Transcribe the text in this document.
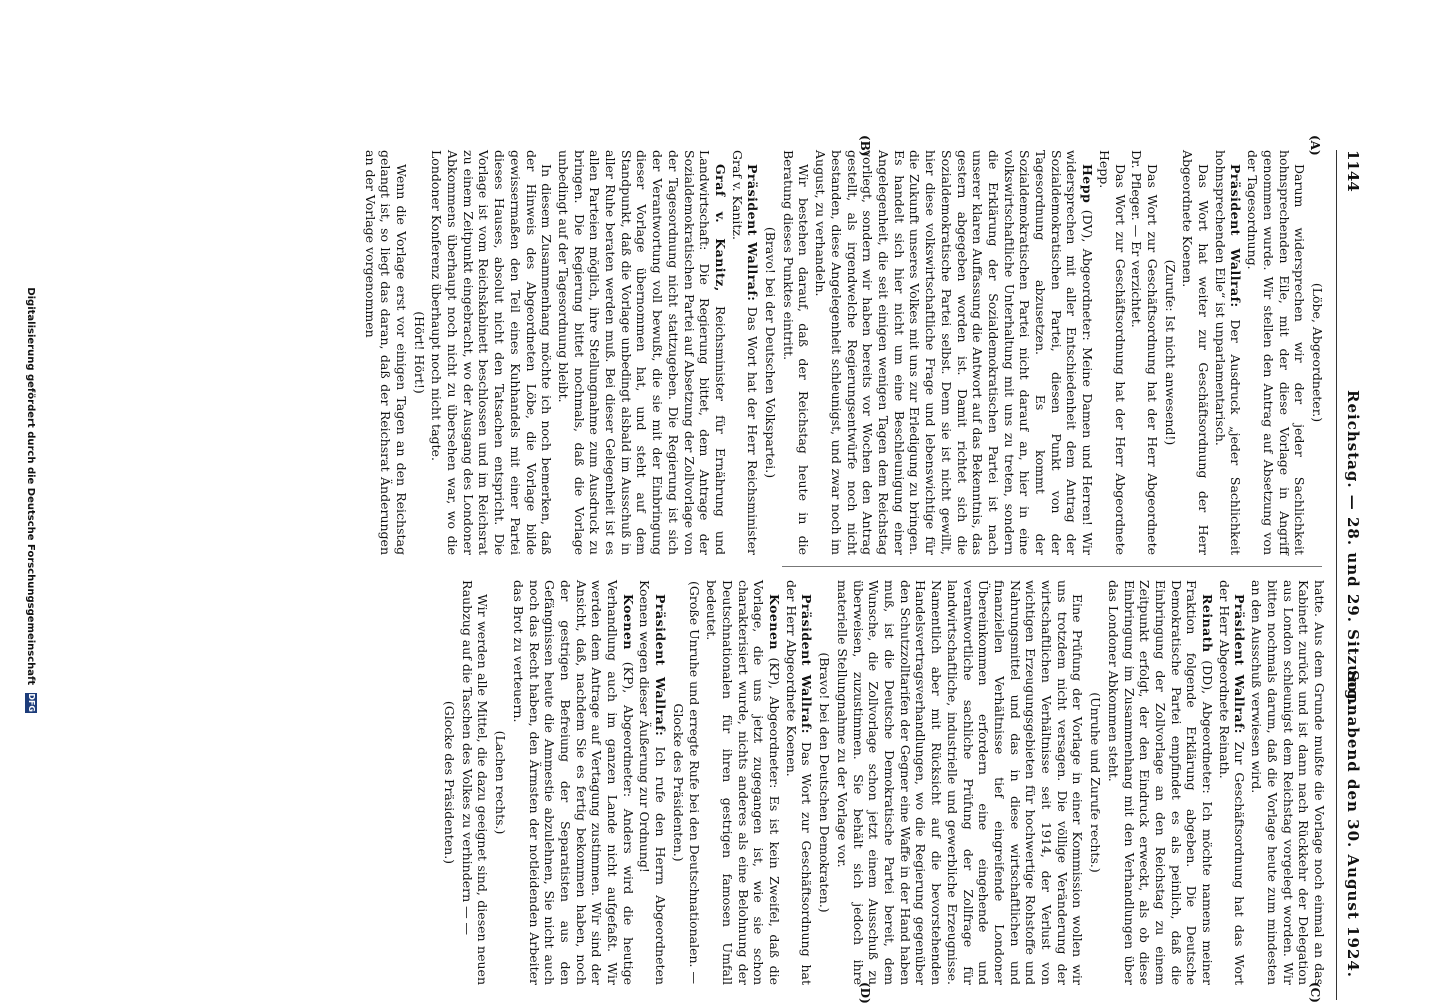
1144
Reichstag. — 28. und 29. Sitzung.
Sonnabend den 30. August 1924.
(A)
(B)
(C)
(D)

(Löbe, Abgeordneter.)

Darum widersprechen wir der jeder Sachlichkeit hohnsprechenden Eile, mit der diese Vorlage in Angriff genommen wurde. Wir stellen den Antrag auf Absetzung von der Tagesordnung.

Präsident Wallraf: Der Ausdruck „jeder Sachlichkeit hohnsprechenden Eile“ ist unparlamentarisch.

Das Wort hat weiter zur Geschäftsordnung der Herr Abgeordnete Koenen.

(Zurufe: Ist nicht anwesend!)

Das Wort zur Geschäftsordnung hat der Herr Abgeordnete Dr. Pfleger. — Er verzichtet.

Das Wort zur Geschäftsordnung hat der Herr Abgeordnete Hepp.

Hepp (DV), Abgeordneter: Meine Damen und Herren! Wir widersprechen mit aller Entschiedenheit dem Antrag der Sozialdemokratischen Partei, diesen Punkt von der Tagesordnung abzusetzen. Es kommt der Sozialdemokratischen Partei nicht darauf an, hier in eine volkswirtschaftliche Unterhaltung mit uns zu treten, sondern die Erklärung der Sozialdemokratischen Partei ist nach unserer klaren Auffassung die Antwort auf das Bekenntnis, das gestern abgegeben worden ist. Damit richtet sich die Sozialdemokratische Partei selbst. Denn sie ist nicht gewillt, hier diese volkswirtschaftliche Frage und lebenswichtige für die Zukunft unseres Volkes mit uns zur Erledigung zu bringen. Es handelt sich hier nicht um eine Beschleunigung einer Angelegenheit, die seit einigen wenigen Tagen dem Reichstag vorliegt, sondern wir haben bereits vor Wochen den Antrag gestellt, als irgendwelche Regierungsentwürfe noch nicht bestanden, diese Angelegenheit schleunigst, und zwar noch im August, zu verhandeln.

Wir bestehen darauf, daß der Reichstag heute in die Beratung dieses Punktes eintritt.

(Bravo! bei der Deutschen Volkspartei.)

Präsident Wallraf: Das Wort hat der Herr Reichsminister Graf v. Kanitz.

Graf v. Kanitz, Reichsminister für Ernährung und Landwirtschaft: Die Regierung bittet, dem Antrage der Sozialdemokratischen Partei auf Absetzung der Zollvorlage von der Tagesordnung nicht stattzugeben. Die Regierung ist sich der Verantwortung voll bewußt, die sie mit der Einbringung dieser Vorlage übernommen hat, und steht auf dem Standpunkt, daß die Vorlage unbedingt alsbald im Ausschuß in aller Ruhe beraten werden muß. Bei dieser Gelegenheit ist es allen Parteien möglich, ihre Stellungnahme zum Ausdruck zu bringen. Die Regierung bittet nochmals, daß die Vorlage unbedingt auf der Tagesordnung bleibt.

In diesem Zusammenhang möchte ich noch bemerken, daß der Hinweis des Abgeordneten Löbe, die Vorlage bilde gewissermaßen den Teil eines Kuhhandels mit einer Partei dieses Hauses, absolut nicht den Tatsachen entspricht. Die Vorlage ist vom Reichskabinett beschlossen und im Reichsrat zu einem Zeitpunkt eingebracht, wo der Ausgang des Londoner Abkommens überhaupt noch nicht zu übersehen war, wo die Londoner Konferenz überhaupt noch nicht tagte.

(Hört! Hört!)

Wenn die Vorlage erst vor einigen Tagen an den Reichstag gelangt ist, so liegt das daran, daß der Reichsrat Änderungen an der Vorlage vorgenommen

hatte. Aus dem Grunde mußte die Vorlage noch einmal an das Kabinett zurück und ist dann nach Rückkehr der Delegation aus London schleunigst dem Reichstag vorgelegt worden. Wir bitten nochmals darum, daß die Vorlage heute zum mindesten an den Ausschuß verwiesen wird.

Präsident Wallraf: Zur Geschäftsordnung hat das Wort der Herr Abgeordnete Reinath.

Reinath (DD), Abgeordneter: Ich möchte namens meiner Fraktion folgende Erklärung abgeben. Die Deutsche Demokratische Partei empfindet es als peinlich, daß die Einbringung der Zollvorlage an den Reichstag zu einem Zeitpunkt erfolgt, der den Eindruck erweckt, als ob diese Einbringung im Zusammenhang mit den Verhandlungen über das Londoner Abkommen steht.

(Unruhe und Zurufe rechts.)

Eine Prüfung der Vorlage in einer Kommission wollen wir uns trotzdem nicht versagen. Die völlige Veränderung der wirtschaftlichen Verhältnisse seit 1914, der Verlust von wichtigen Erzeugungsgebieten für hochwertige Rohstoffe und Nahrungsmittel und das in diese wirtschaftlichen und finanziellen Verhältnisse tief eingreifende Londoner Übereinkommen erfordern eine eingehende und verantwortliche sachliche Prüfung der Zollfrage für landwirtschaftliche, industrielle und gewerbliche Erzeugnisse. Namentlich aber mit Rücksicht auf die bevorstehenden Handelsvertragsverhandlungen, wo die Regierung gegenüber den Schutzzolltarifen der Gegner eine Waffe in der Hand haben muß, ist die Deutsche Demokratische Partei bereit, dem Wunsche, die Zollvorlage schon jetzt einem Ausschuß zu überweisen, zuzustimmen. Sie behält sich jedoch ihre materielle Stellungnahme zu der Vorlage vor.

(Bravo! bei den Deutschen Demokraten.)

Präsident Wallraf: Das Wort zur Geschäftsordnung hat der Herr Abgeordnete Koenen.

Koenen (KP), Abgeordneter: Es ist kein Zweifel, daß die Vorlage, die uns jetzt zugegangen ist, wie sie schon charakterisiert wurde, nichts anderes als eine Belohnung der Deutschnationalen für ihren gestrigen famosen Umfall bedeutet.

(Große Unruhe und erregte Rufe bei den Deutschnationalen. — Glocke des Präsidenten.)

Präsident Wallraf: Ich rufe den Herrn Abgeordneten Koenen wegen dieser Äußerung zur Ordnung!

Koenen (KP), Abgeordneter: Anders wird die heutige Verhandlung auch im ganzen Lande nicht aufgefaßt. Wir werden dem Antrage auf Vertagung zustimmen. Wir sind der Ansicht, daß, nachdem Sie es fertig bekommen haben, noch der gestrigen Befreiung der Separatisten aus den Gefängnissen heute die Ammestie abzulehnen, Sie nicht auch noch das Recht haben, den Ärmsten der notleidenden Arbeiter das Brot zu verteuern.

(Lachen rechts.)

Wir werden alle Mittel, die dazu geeignet sind, diesen neuen Raubzug auf die Taschen des Volkes zu verhindern — —

(Glocke des Präsidenten.)

Digitalisierung gefördert durch die Deutsche Forschungsgemeinschaft DFG
